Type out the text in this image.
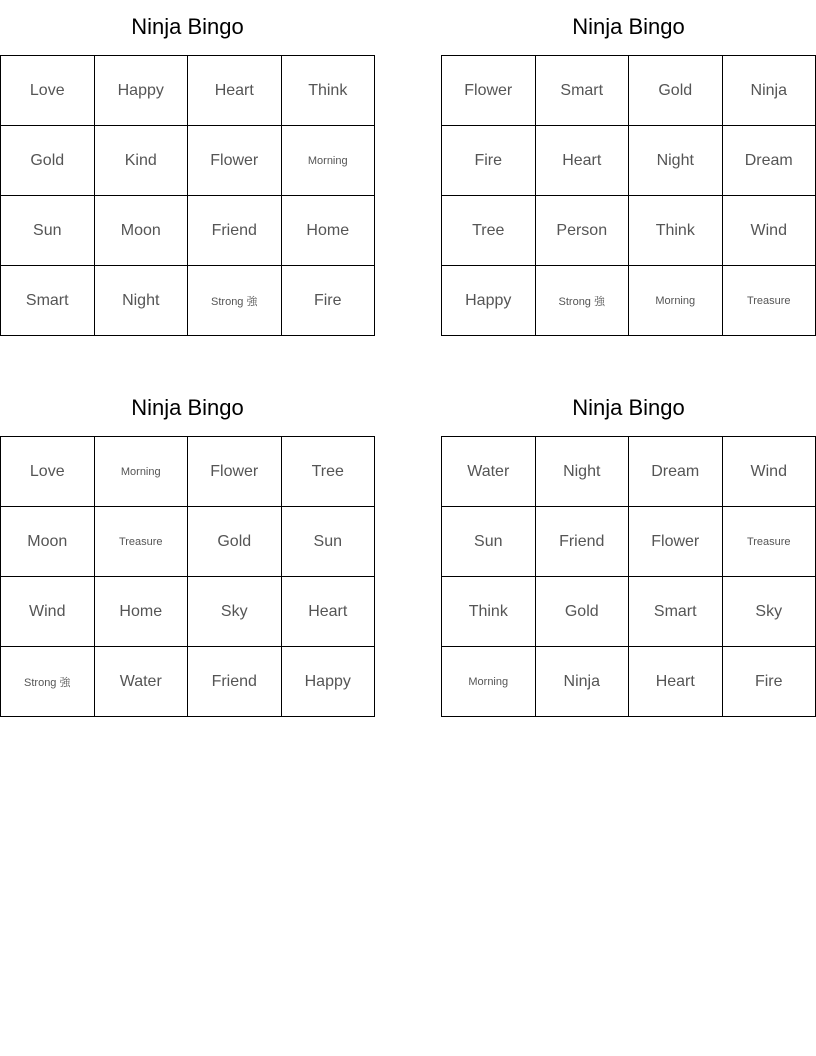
Ninja Bingo
Love	Happy	Heart	Think
Gold	Kind	Flower	Morning
Sun	Moon	Friend	Home
Smart	Night	Strong 強	Fire
Ninja Bingo
Flower	Smart	Gold	Ninja
Fire	Heart	Night	Dream
Tree	Person	Think	Wind
Happy	Strong 強	Morning	Treasure
Ninja Bingo
Love	Morning	Flower	Tree
Moon	Treasure	Gold	Sun
Wind	Home	Sky	Heart
Strong 強	Water	Friend	Happy
Ninja Bingo
Water	Night	Dream	Wind
Sun	Friend	Flower	Treasure
Think	Gold	Smart	Sky
Morning	Ninja	Heart	Fire
